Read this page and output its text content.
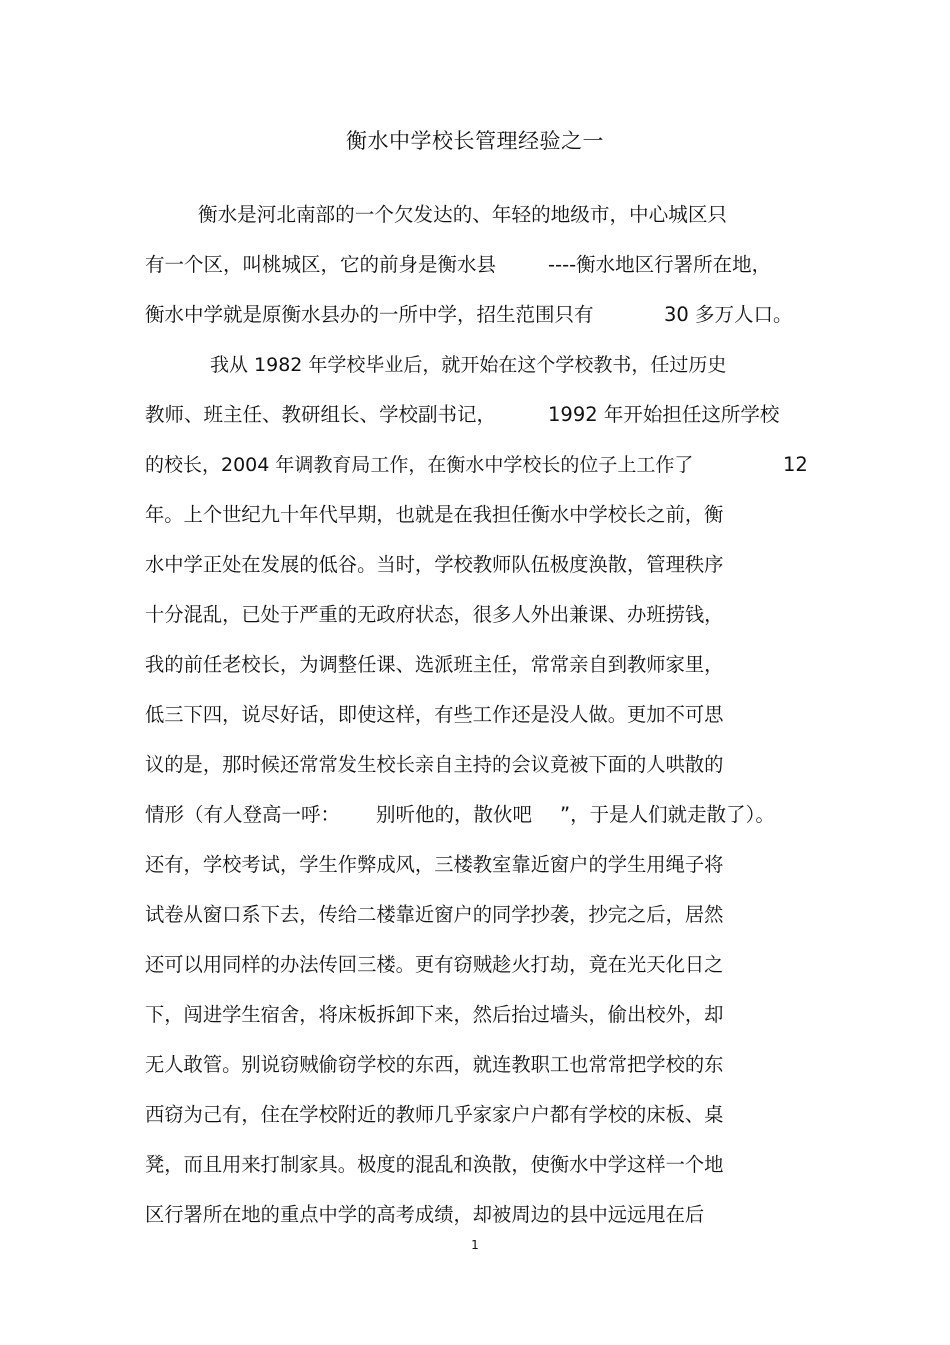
衡水中学校长管理经验之一
衡水是河北南部的一个欠发达的、年轻的地级市，中心城区只
有一个区，叫桃城区，它的前身是衡水县	----衡水地区行署所在地，
衡水中学就是原衡水县办的一所中学，招生范围只有	30 多万人口。
我从 1982 年学校毕业后，就开始在这个学校教书，任过历史
教师、班主任、教研组长、学校副书记，	1992 年开始担任这所学校
的校长，2004 年调教育局工作，在衡水中学校长的位子上工作了	12
年。上个世纪九十年代早期，也就是在我担任衡水中学校长之前，衡
水中学正处在发展的低谷。当时，学校教师队伍极度涣散，管理秩序
十分混乱，已处于严重的无政府状态，很多人外出兼课、办班捞钱，
我的前任老校长，为调整任课、选派班主任，常常亲自到教师家里，
低三下四，说尽好话，即使这样，有些工作还是没人做。更加不可思
议的是，那时候还常常发生校长亲自主持的会议竟被下面的人哄散的
情形（有人登高一呼： 别听他的，散伙吧 ”，于是人们就走散了）。
还有，学校考试，学生作弊成风，三楼教室靠近窗户的学生用绳子将
试卷从窗口系下去，传给二楼靠近窗户的同学抄袭，抄完之后，居然
还可以用同样的办法传回三楼。更有窃贼趁火打劫，竟在光天化日之
下，闯进学生宿舍，将床板拆卸下来，然后抬过墙头，偷出校外，却
无人敢管。别说窃贼偷窃学校的东西，就连教职工也常常把学校的东
西窃为己有，住在学校附近的教师几乎家家户户都有学校的床板、桌
凳，而且用来打制家具。极度的混乱和涣散，使衡水中学这样一个地
区行署所在地的重点中学的高考成绩，却被周边的县中远远甩在后
1
